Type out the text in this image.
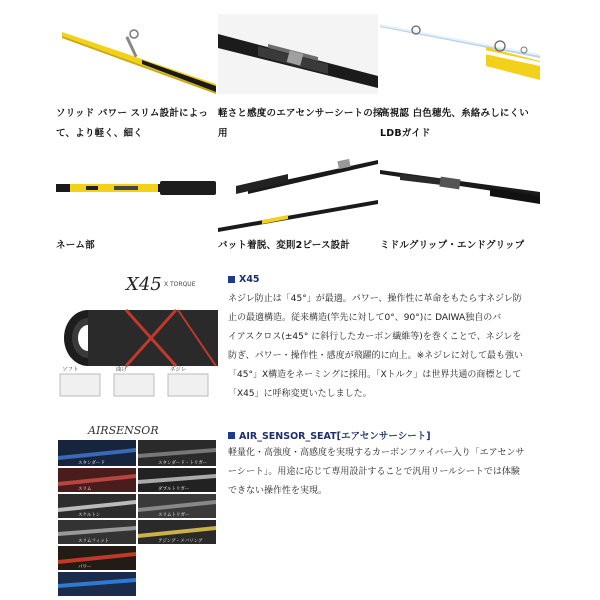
ソリッド パワー スリム設計によって、より軽く、細く
軽さと感度のエアセンサーシートの採用
高視認 白色穂先、糸絡みしにくいLDBガイド
ネーム部	バット着脱、変則2ピース設計	ミドルグリップ・エンドグリップ
X45 X TORQUE
ソフト	曲げ	ネジレ
X45

ネジレ防止は「45°」が最適。パワー、操作性に革命をもたらすネジレ防

止の最適構造。従来構造(竿先に対して0°、90°)に DAIWA独自のバ

イアスクロス(±45° に斜行したカーボン繊維等)を巻くことで、ネジレを

防ぎ、パワー・操作性・感度が飛躍的に向上。※ネジレに対して最も強い

「45°」X構造をネーミングに採用。「Xトルク」は世界共通の商標として

「X45」に呼称変更いたしました。

AIRSENSOR
スタンダード	スタンダード・トリガー
スリム	ダブルトリガー
スケルトン	スリムトリガー
スリムフィット	アジング・メバリング
パワー
AIR_SENSOR_SEAT[エアセンサーシート]

軽量化・高強度・高感度を実現するカーボンファイバー入り「エアセンサ

ーシート」。用途に応じて専用設計することで汎用リールシートでは体験

できない操作性を実現。
